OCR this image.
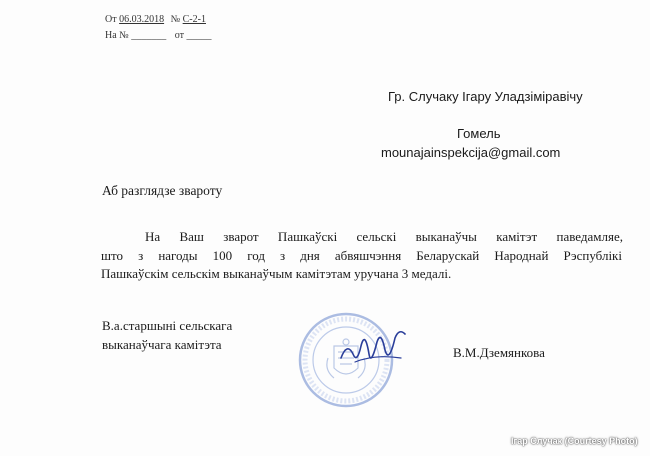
От 06.03.2018 № С-2-1
На № _______ от _____
Гр. Случаку Ігару Уладзіміравічу
Гомель
mounajainspekcija@gmail.com
Аб разглядзе звароту
На Ваш зварот Пашкаўскі сельскі выканаўчы камітэт паведамляе,
што з нагоды 100 год з дня абвяшчэння Беларускай Народнай Рэспублікі
Пашкаўскім сельскім выканаўчым камітэтам уручана 3 медалі.
В.а.старшыні сельскага
выканаўчага камітэта
В.М.Дземянкова
Ігар Случак (Courtesy Photo)
